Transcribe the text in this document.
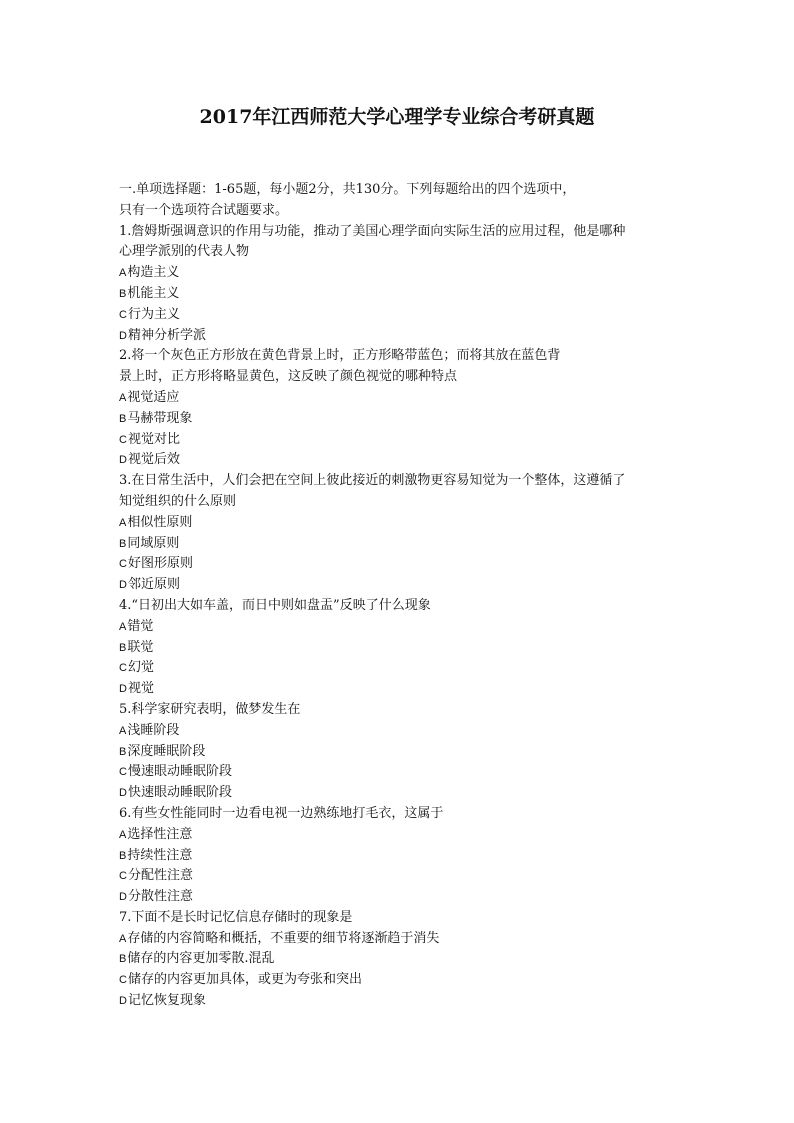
2017年江西师范大学心理学专业综合考研真题
一.单项选择题：1-65题，每小题2分，共130分。下列每题给出的四个选项中，
只有一个选项符合试题要求。
1.詹姆斯强调意识的作用与功能，推动了美国心理学面向实际生活的应用过程，他是哪种
心理学派别的代表人物
A构造主义
B机能主义
C行为主义
D精神分析学派
2.将一个灰色正方形放在黄色背景上时，正方形略带蓝色；而将其放在蓝色背
景上时，正方形将略显黄色，这反映了颜色视觉的哪种特点
A视觉适应
B马赫带现象
C视觉对比
D视觉后效
3.在日常生活中，人们会把在空间上彼此接近的刺激物更容易知觉为一个整体，这遵循了
知觉组织的什么原则
A相似性原则
B同域原则
C好图形原则
D邻近原则
4.“日初出大如车盖，而日中则如盘盂”反映了什么现象
A错觉
B联觉
C幻觉
D视觉
5.科学家研究表明，做梦发生在
A浅睡阶段
B深度睡眠阶段
C慢速眼动睡眠阶段
D快速眼动睡眠阶段
6.有些女性能同时一边看电视一边熟练地打毛衣，这属于
A选择性注意
B持续性注意
C分配性注意
D分散性注意
7.下面不是长时记忆信息存储时的现象是
A存储的内容简略和概括，不重要的细节将逐渐趋于消失
B储存的内容更加零散.混乱
C储存的内容更加具体，或更为夸张和突出
D记忆恢复现象
